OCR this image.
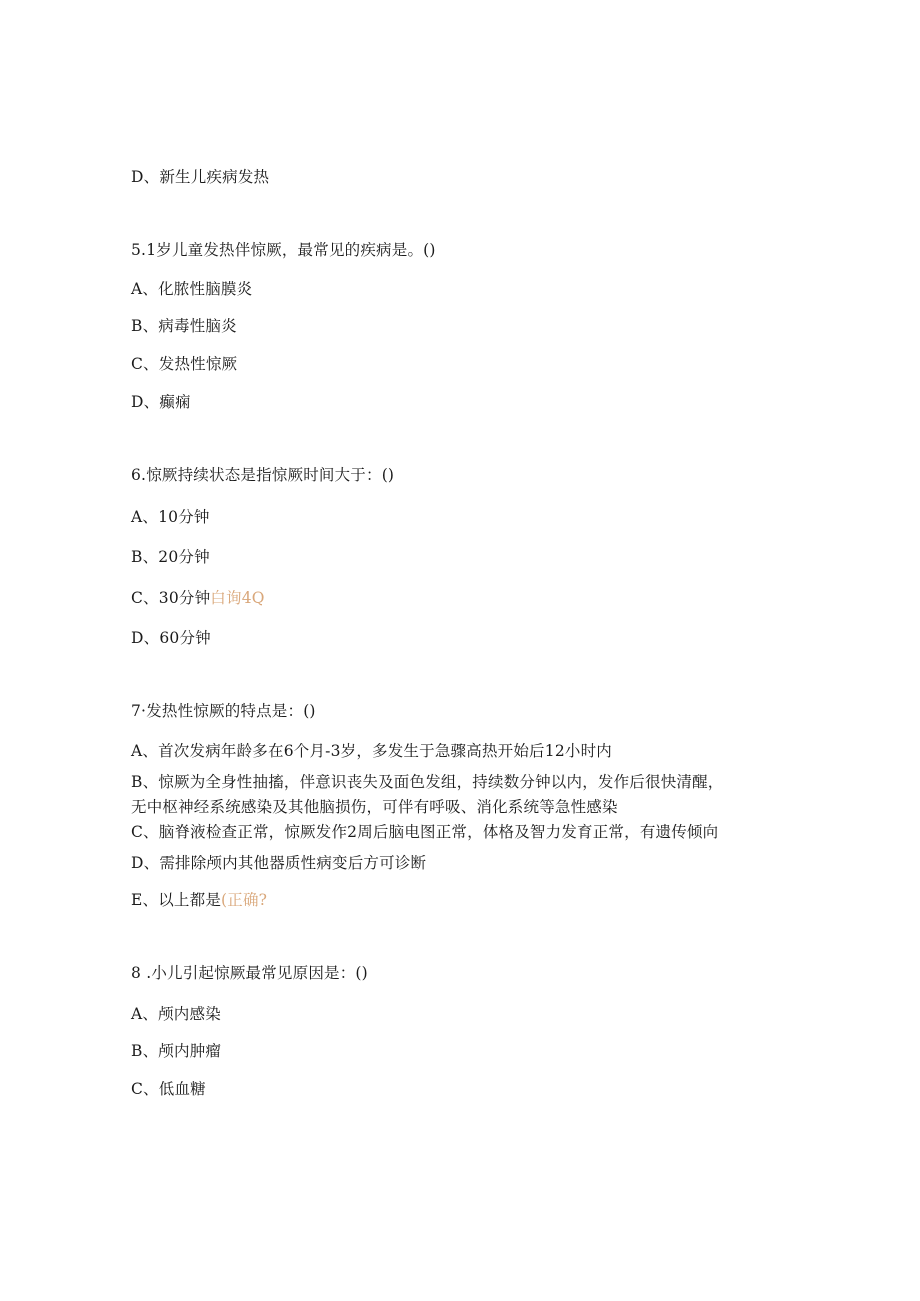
D、新生儿疾病发热
5.1岁儿童发热伴惊厥，最常见的疾病是。()
A、化脓性脑膜炎
B、病毒性脑炎
C、发热性惊厥
D、癫痫
6.惊厥持续状态是指惊厥时间大于：()
A、10分钟
B、20分钟
C、30分钟白询4Q
D、60分钟
7·发热性惊厥的特点是：()
A、首次发病年龄多在6个月-3岁，多发生于急骤高热开始后12小时内
B、惊厥为全身性抽搐，伴意识丧失及面色发组，持续数分钟以内，发作后很快清醒，
无中枢神经系统感染及其他脑损伤，可伴有呼吸、消化系统等急性感染
C、脑脊液检查正常，惊厥发作2周后脑电图正常，体格及智力发育正常，有遗传倾向
D、需排除颅内其他器质性病变后方可诊断
E、以上都是(正确?
8 .小儿引起惊厥最常见原因是：()
A、颅内感染
B、颅内肿瘤
C、低血糖
